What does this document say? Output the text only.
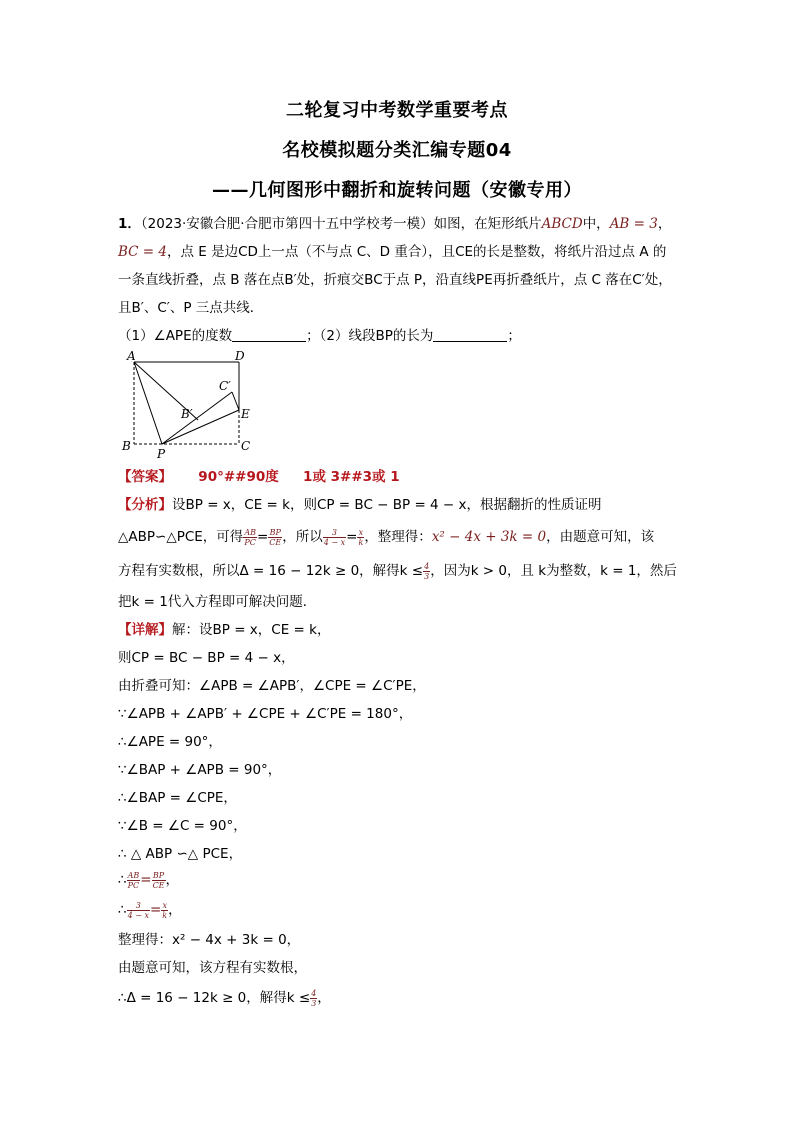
二轮复习中考数学重要考点
名校模拟题分类汇编专题04
——几何图形中翻折和旋转问题（安徽专用）
1．（2023·安徽合肥·合肥市第四十五中学校考一模）如图，在矩形纸片ABCD中，AB = 3，
BC = 4，点 E 是边CD上一点（不与点 C、D 重合），且CE的长是整数，将纸片沿过点 A 的
一条直线折叠，点 B 落在点B′处，折痕交BC于点 P，沿直线PE再折叠纸片，点 C 落在C′处，
且B′、C′、P 三点共线．
（1）∠APE的度数	；（2）线段BP的长为	；
A	D
C′
B′	E
B
P
C
【答案】 90°##90度 1或 3##3或 1
【分析】设BP = x，CE = k，则CP = BC − BP = 4 − x，根据翻折的性质证明
△ABP∽△PCE，可得 $\frac{AB}{PC} = \frac{BP}{CE}$ ，所以 $\frac{3}{4 - x} = \frac{x}{k}$ ，整理得：x² − 4x + 3k = 0，由题意可知，该
方程有实数根，所以Δ = 16 − 12k ≥ 0，解得$k \le \frac{4}{3}$ ，因为k > 0，且 k为整数，k = 1，然后
把k = 1代入方程即可解决问题．
【详解】解：设BP = x，CE = k，
则CP = BC − BP = 4 − x，
由折叠可知：∠APB = ∠APB′，∠CPE = ∠C′PE，
∵∠APB + ∠APB′ + ∠CPE + ∠C′PE = 180°，
∴∠APE = 90°，
∵∠BAP + ∠APB = 90°，
∴∠BAP = ∠CPE，
∵∠B = ∠C = 90°，
∴ △ ABP ∽△ PCE，
∴ $\frac{AB}{PC} = \frac{BP}{CE}$ ，
∴ $\frac{3}{4 - x} = \frac{x}{k}$ ，
整理得：x² − 4x + 3k = 0，
由题意可知，该方程有实数根，
∴Δ = 16 − 12k ≥ 0，解得$k \le \frac{4}{3}$ ，
